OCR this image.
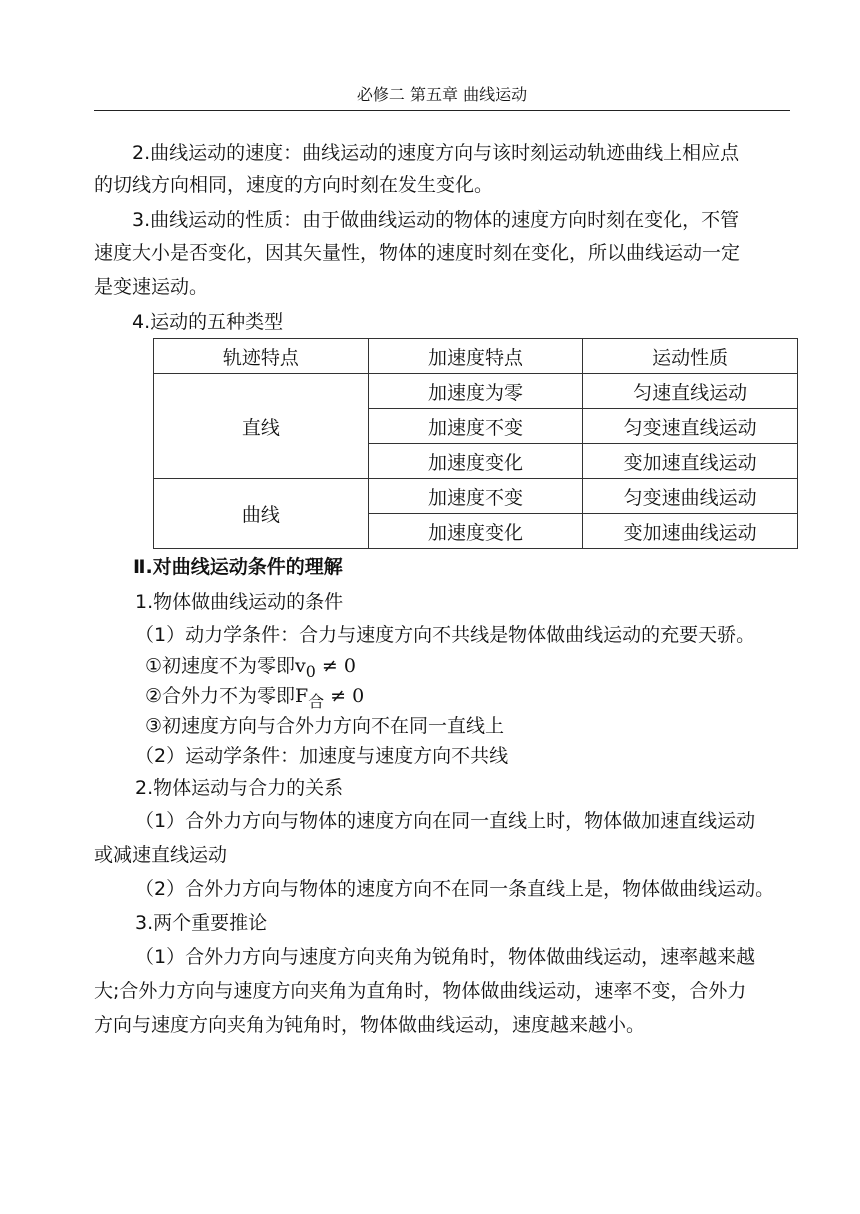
必修二 第五章 曲线运动
2.曲线运动的速度：曲线运动的速度方向与该时刻运动轨迹曲线上相应点
的切线方向相同，速度的方向时刻在发生变化。
3.曲线运动的性质：由于做曲线运动的物体的速度方向时刻在变化，不管
速度大小是否变化，因其矢量性，物体的速度时刻在变化，所以曲线运动一定
是变速运动。
4.运动的五种类型
轨迹特点	加速度特点	运动性质
直线	加速度为零	匀速直线运动
	加速度不变	匀变速直线运动
	加速度变化	变加速直线运动
曲线	加速度不变	匀变速曲线运动
	加速度变化	变加速曲线运动
Ⅱ.对曲线运动条件的理解
1.物体做曲线运动的条件
（1）动力学条件：合力与速度方向不共线是物体做曲线运动的充要天骄。
①初速度不为零即$v_0 \ne 0$
②合外力不为零即$F_合 \ne 0$
③初速度方向与合外力方向不在同一直线上
（2）运动学条件：加速度与速度方向不共线
2.物体运动与合力的关系
（1）合外力方向与物体的速度方向在同一直线上时，物体做加速直线运动
或减速直线运动
（2）合外力方向与物体的速度方向不在同一条直线上是，物体做曲线运动。
3.两个重要推论
（1）合外力方向与速度方向夹角为锐角时，物体做曲线运动，速率越来越
大;合外力方向与速度方向夹角为直角时，物体做曲线运动，速率不变，合外力
方向与速度方向夹角为钝角时，物体做曲线运动，速度越来越小。
